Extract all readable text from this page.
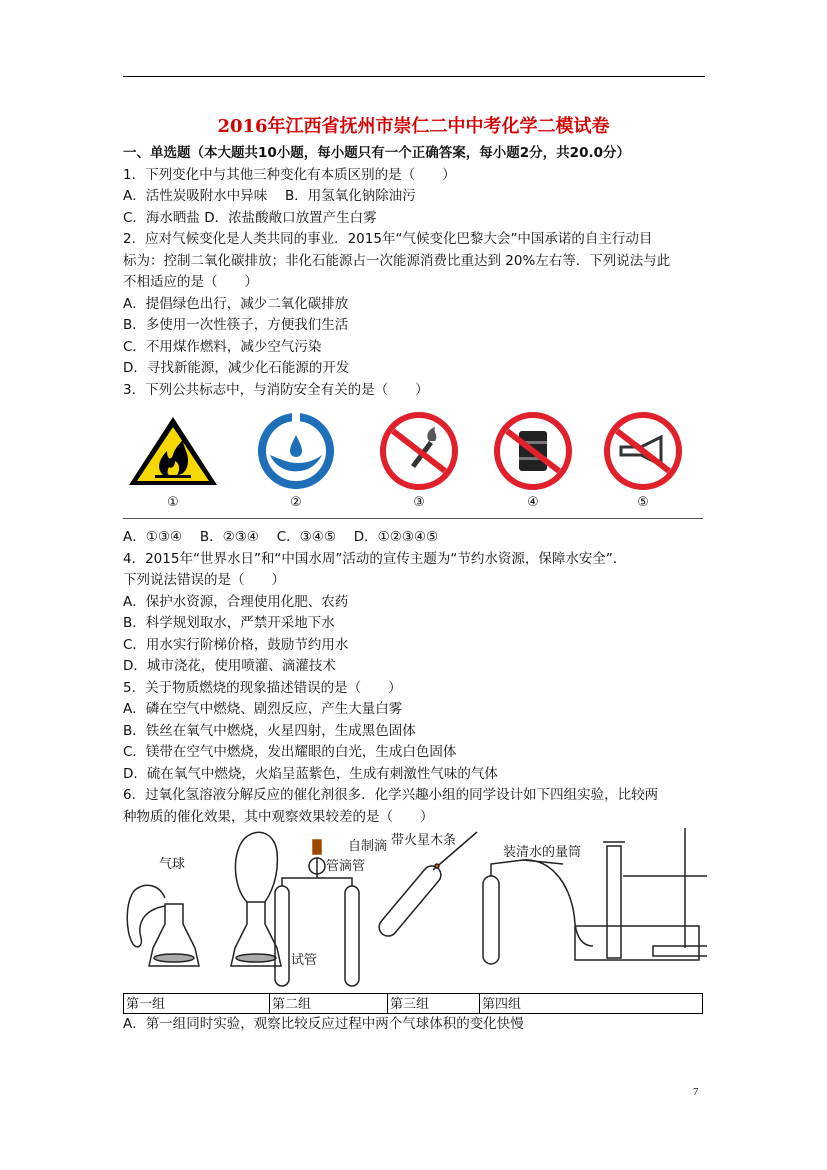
2016年江西省抚州市崇仁二中中考化学二模试卷
一、单选题（本大题共10小题，每小题只有一个正确答案，每小题2分，共20.0分）
1．下列变化中与其他三种变化有本质区别的是（　　）
A．活性炭吸附水中异味　 B．用氢氧化钠除油污
C．海水晒盐 D．浓盐酸敞口放置产生白雾
2．应对气候变化是人类共同的事业．2015年“气候变化巴黎大会”中国承诺的自主行动目
标为：控制二氧化碳排放；非化石能源占一次能源消费比重达到 20%左右等．下列说法与此
不相适应的是（　　）
A．提倡绿色出行，减少二氧化碳排放
B．多使用一次性筷子，方便我们生活
C．不用煤作燃料，减少空气污染
D．寻找新能源，减少化石能源的开发
3．下列公共标志中，与消防安全有关的是（　　）
①	②	③	④	⑤
A．①③④　 B．②③④　 C．③④⑤　 D．①②③④⑤
4．2015年“世界水日”和“中国水周”活动的宣传主题为“节约水资源，保障水安全”．
下列说法错误的是（　　）
A．保护水资源，合理使用化肥、农药
B．科学规划取水，严禁开采地下水
C．用水实行阶梯价格，鼓励节约用水
D．城市浇花，使用喷灌、滴灌技术
5．关于物质燃烧的现象描述错误的是（　　）
A．磷在空气中燃烧、剧烈反应，产生大量白雾
B．铁丝在氧气中燃烧，火星四射，生成黑色固体
C．镁带在空气中燃烧，发出耀眼的白光，生成白色固体
D．硫在氧气中燃烧，火焰呈蓝紫色，生成有刺激性气味的气体
6．过氧化氢溶液分解反应的催化剂很多．化学兴趣小组的同学设计如下四组实验，比较两
种物质的催化效果，其中观察效果较差的是（　　）
气球
自制滴
管滴管
带火星木条
装清水的量筒
试管
第一组	第二组	第三组	第四组
A．第一组同时实验，观察比较反应过程中两个气球体积的变化快慢
7
